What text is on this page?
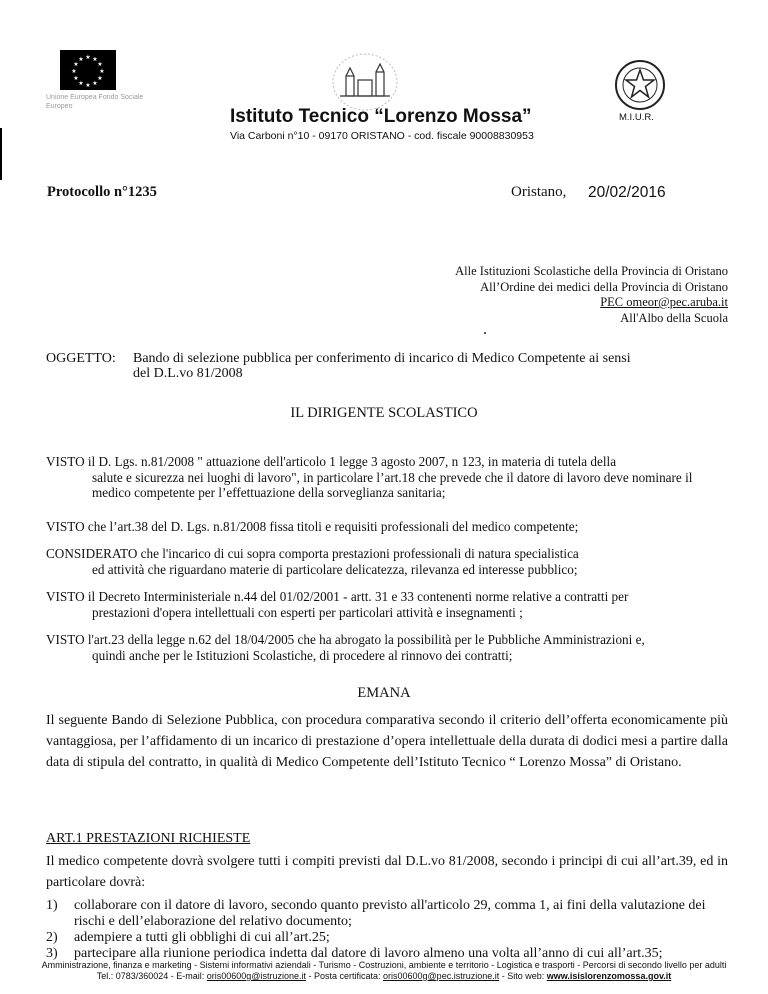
★ ★
★
★
★
★
★
★
★
★
★
★
Unione Europea Fondo Sociale Europeo	Istituto Tecnico “Lorenzo Mossa”
Via Carboni n°10 - 09170 ORISTANO - cod. fiscale 90008830953
M.I.U.R.
Protocollo n°1235	Oristano, 20/02/2016
Alle Istituzioni Scolastiche della Provincia di Oristano
All’Ordine dei medici della Provincia di Oristano
PEC omeor@pec.aruba.it
All'Albo della Scuola
OGGETTO: Bando di selezione pubblica per conferimento di incarico di Medico Competente ai sensi
del D.L.vo 81/2008
IL DIRIGENTE SCOLASTICO
VISTO il D. Lgs. n.81/2008 " attuazione dell'articolo 1 legge 3 agosto 2007, n 123, in materia di tutela della
salute e sicurezza nei luoghi di lavoro", in particolare l’art.18 che prevede che il datore di lavoro deve nominare il medico competente per l’effettuazione della sorveglianza sanitaria;
VISTO che l’art.38 del D. Lgs. n.81/2008 fissa titoli e requisiti professionali del medico competente;
CONSIDERATO che l'incarico di cui sopra comporta prestazioni professionali di natura specialistica
ed attività che riguardano materie di particolare delicatezza, rilevanza ed interesse pubblico;
VISTO il Decreto Interministeriale n.44 del 01/02/2001 - artt. 31 e 33 contenenti norme relative a contratti per
prestazioni d'opera intellettuali con esperti per particolari attività e insegnamenti ;
VISTO l'art.23 della legge n.62 del 18/04/2005 che ha abrogato la possibilità per le Pubbliche Amministrazioni e,
quindi anche per le Istituzioni Scolastiche, di procedere al rinnovo dei contratti;
EMANA
Il seguente Bando di Selezione Pubblica, con procedura comparativa secondo il criterio dell’offerta economicamente più vantaggiosa, per l’affidamento di un incarico di prestazione d’opera intellettuale della durata di dodici mesi a partire dalla data di stipula del contratto, in qualità di Medico Competente dell’Istituto Tecnico “ Lorenzo Mossa” di Oristano.
ART.1 PRESTAZIONI RICHIESTE
Il medico competente dovrà svolgere tutti i compiti previsti dal D.L.vo 81/2008, secondo i principi di cui all’art.39, ed in particolare dovrà:
1) collaborare con il datore di lavoro, secondo quanto previsto all'articolo 29, comma 1, ai fini della valutazione dei rischi e dell’elaborazione del relativo documento;
2) adempiere a tutti gli obblighi di cui all’art.25;
3) partecipare alla riunione periodica indetta dal datore di lavoro almeno una volta all’anno di cui all’art.35;
Amministrazione, finanza e marketing - Sistemi informativi aziendali - Turismo - Costruzioni, ambiente e territorio - Logistica e trasporti - Percorsi di secondo livello per adulti
Tel.: 0783/360024 - E-mail: oris00600g@istruzione.it - Posta certificata: oris00600g@pec.istruzione.it - Sito web: www.isislorenzomossa.gov.it
